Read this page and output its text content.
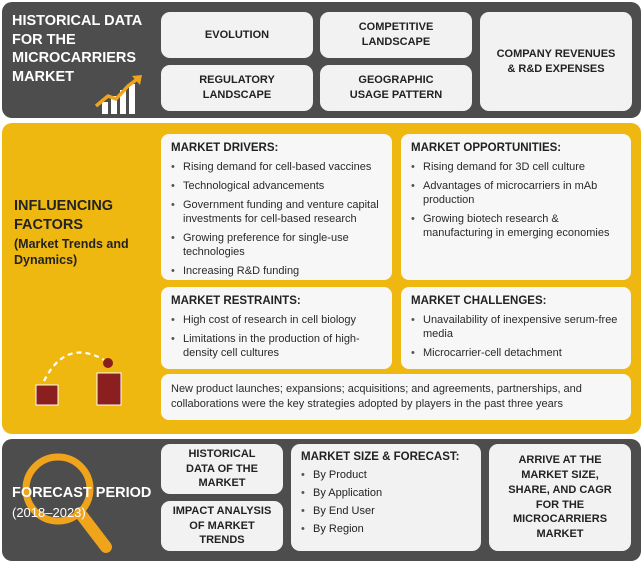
HISTORICAL DATA FOR THE MICROCARRIERS MARKET
EVOLUTION
COMPETITIVE LANDSCAPE
REGULATORY LANDSCAPE
GEOGRAPHIC USAGE PATTERN
COMPANY REVENUES & R&D EXPENSES
INFLUENCING FACTORS
(Market Trends and Dynamics)
MARKET DRIVERS:
• Rising demand for cell-based vaccines
• Technological advancements
• Government funding and venture capital investments for cell-based research
• Growing preference for single-use technologies
• Increasing R&D funding
MARKET OPPORTUNITIES:
• Rising demand for 3D cell culture
• Advantages of microcarriers in mAb production
• Growing biotech research & manufacturing in emerging economies
MARKET RESTRAINTS:
• High cost of research in cell biology
• Limitations in the production of high-density cell cultures
MARKET CHALLENGES:
• Unavailability of inexpensive serum-free media
• Microcarrier-cell detachment
New product launches; expansions; acquisitions; and agreements, partnerships, and collaborations were the key strategies adopted by players in the past three years
FORECAST PERIOD
(2018–2023)
HISTORICAL DATA OF THE MARKET
IMPACT ANALYSIS OF MARKET TRENDS
MARKET SIZE & FORECAST:
• By Product
• By Application
• By End User
• By Region
ARRIVE AT THE MARKET SIZE, SHARE, AND CAGR FOR THE MICROCARRIERS MARKET
